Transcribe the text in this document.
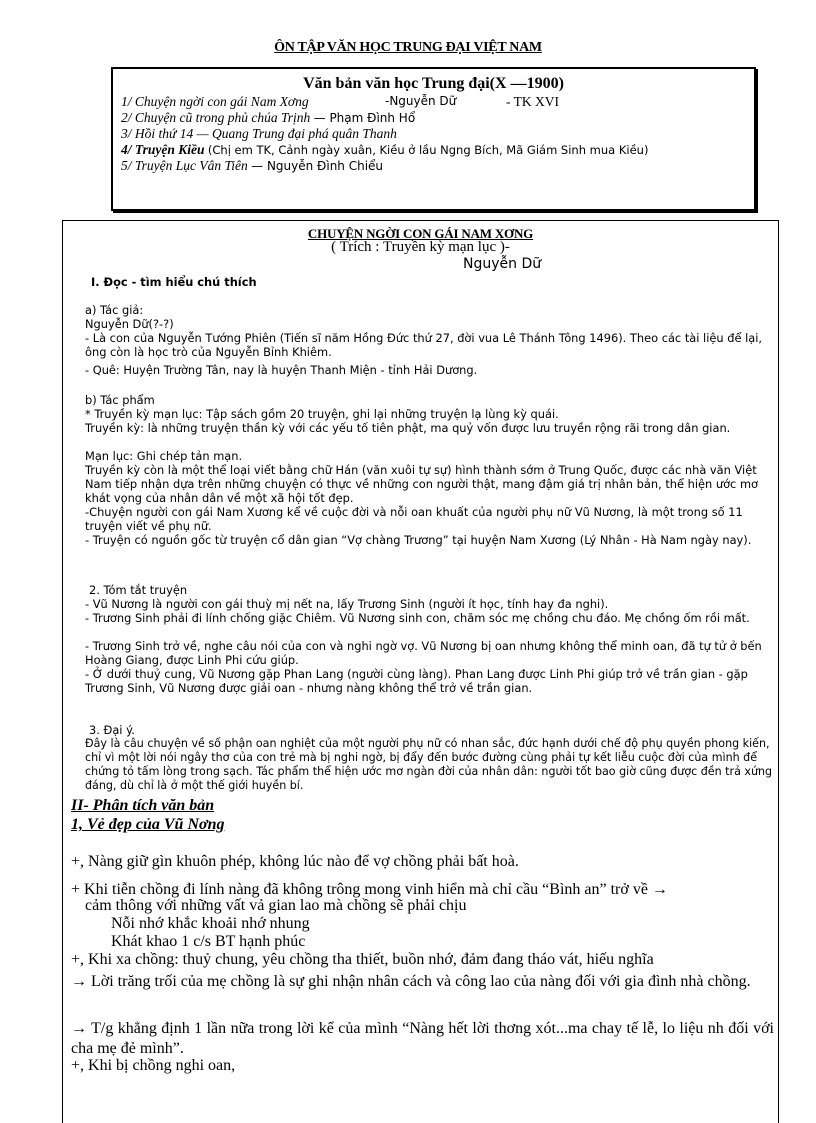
ÔN TẬP VĂN HỌC TRUNG ĐẠI VIỆT NAM
Văn bản văn học Trung đại(X —1900)
1/ Chuyện ngời con gái Nam Xơng	-Nguyễn Dữ	- TK XVI
2/ Chuyện cũ trong phủ chúa Trịnh — Phạm Đình Hổ
3/ Hồi thứ 14 — Quang Trung đại phá quân Thanh
4/ Truyện Kiều (Chị em TK, Cảnh ngày xuân, Kiều ở lầu Ngng Bích, Mã Giám Sinh mua Kiều)
5/ Truyện Lục Vân Tiên — Nguyễn Đình Chiểu
CHUYỆN NGỜI CON GÁI NAM XƠNG
( Trích : Truyền kỳ mạn lục )-
Nguyễn Dữ
I. Đọc - tìm hiểu chú thích
a) Tác giả:
Nguyễn Dữ(?-?)
- Là con của Nguyễn Tướng Phiên (Tiến sĩ năm Hồng Đức thứ 27, đời vua Lê Thánh Tông 1496). Theo các tài liệu để lại, ông còn là học trò của Nguyễn Bỉnh Khiêm.
- Quê: Huyện Trường Tân, nay là huyện Thanh Miện - tỉnh Hải Dương.
b) Tác phẩm
* Truyền kỳ mạn lục: Tập sách gồm 20 truyện, ghi lại những truyện lạ lùng kỳ quái.
Truyền kỳ: là những truyện thần kỳ với các yếu tố tiên phật, ma quỷ vốn được lưu truyền rộng rãi trong dân gian.
Mạn lục: Ghi chép tản mạn.
Truyền kỳ còn là một thể loại viết bằng chữ Hán (văn xuôi tự sự) hình thành sớm ở Trung Quốc, được các nhà văn Việt Nam tiếp nhận dựa trên những chuyện có thực về những con người thật, mang đậm giá trị nhân bản, thể hiện ước mơ khát vọng của nhân dân về một xã hội tốt đẹp.
-Chuyện người con gái Nam Xương kể về cuộc đời và nỗi oan khuất của người phụ nữ Vũ Nương, là một trong số 11 truyện viết về phụ nữ.
- Truyện có nguồn gốc từ truyện cổ dân gian “Vợ chàng Trương” tại huyện Nam Xương (Lý Nhân - Hà Nam ngày nay).
2. Tóm tắt truyện
- Vũ Nương là người con gái thuỳ mị nết na, lấy Trương Sinh (người ít học, tính hay đa nghi).
- Trương Sinh phải đi lính chống giặc Chiêm. Vũ Nương sinh con, chăm sóc mẹ chồng chu đáo. Mẹ chồng ốm rồi mất.
- Trương Sinh trở về, nghe câu nói của con và nghi ngờ vợ. Vũ Nương bị oan nhưng không thể minh oan, đã tự tử ở bến Hoàng Giang, được Linh Phi cứu giúp.
- Ở dưới thuỷ cung, Vũ Nương gặp Phan Lang (người cùng làng). Phan Lang được Linh Phi giúp trở về trần gian - gặp Trương Sinh, Vũ Nương được giải oan - nhưng nàng không thể trở về trần gian.
3. Đại ý.
Đây là câu chuyện về số phận oan nghiệt của một người phụ nữ có nhan sắc, đức hạnh dưới chế độ phụ quyền phong kiến, chỉ vì một lời nói ngây thơ của con trẻ mà bị nghi ngờ, bị đẩy đến bước đường cùng phải tự kết liễu cuộc đời của mình để chứng tỏ tấm lòng trong sạch. Tác phẩm thể hiện ước mơ ngàn đời của nhân dân: người tốt bao giờ cũng được đền trả xứng đáng, dù chỉ là ở một thế giới huyền bí.
II- Phân tích văn bản
1, Vẻ đẹp của Vũ Nơng
+, Nàng giữ gìn khuôn phép, không lúc nào để vợ chồng phải bất hoà.
+ Khi tiễn chồng đi lính nàng đã không trông mong vinh hiển mà chỉ cầu “Bình an” trở về →
cảm thông với những vất vả gian lao mà chồng sẽ phải chịu
Nỗi nhớ khắc khoải nhớ nhung
Khát khao 1 c/s BT hạnh phúc
+, Khi xa chồng: thuỷ chung, yêu chồng tha thiết, buồn nhớ, đảm đang tháo vát, hiếu nghĩa
→ Lời trăng trối của mẹ chồng là sự ghi nhận nhân cách và công lao của nàng đối với gia đình nhà chồng.
→ T/g khẳng định 1 lần nữa trong lời kể của mình “Nàng hết lời thơng xót...ma chay tế lễ, lo liệu nh đối với cha mẹ đẻ mình”.
+, Khi bị chồng nghi oan,
